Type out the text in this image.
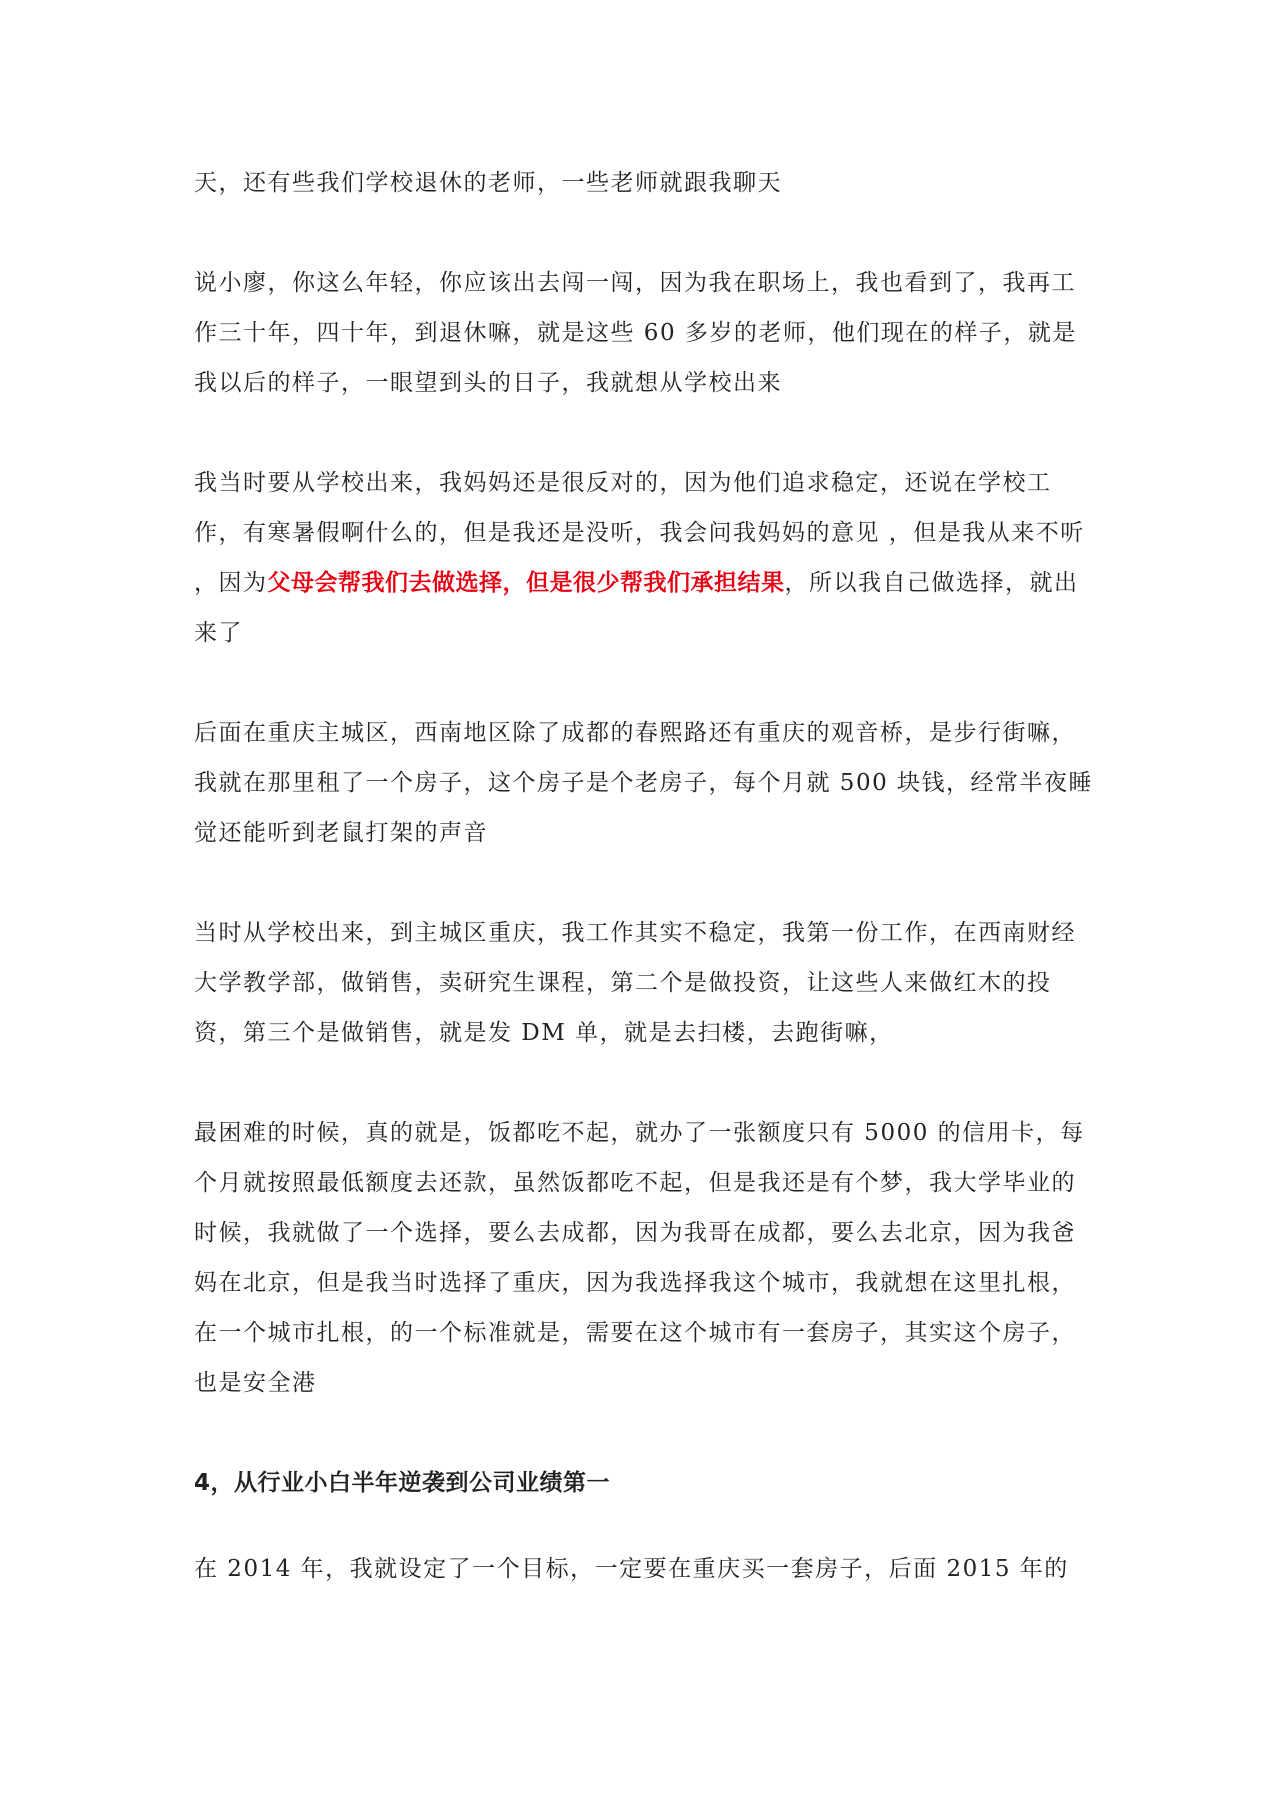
天，还有些我们学校退休的老师，一些老师就跟我聊天

说小廖，你这么年轻，你应该出去闯一闯，因为我在职场上，我也看到了，我再工作三十年，四十年，到退休嘛，就是这些 60 多岁的老师，他们现在的样子，就是我以后的样子，一眼望到头的日子，我就想从学校出来

我当时要从学校出来，我妈妈还是很反对的，因为他们追求稳定，还说在学校工作，有寒暑假啊什么的，但是我还是没听，我会问我妈妈的意见 ，但是我从来不听 ，因为父母会帮我们去做选择，但是很少帮我们承担结果，所以我自己做选择，就出来了

后面在重庆主城区，西南地区除了成都的春熙路还有重庆的观音桥，是步行街嘛，我就在那里租了一个房子，这个房子是个老房子，每个月就 500 块钱，经常半夜睡觉还能听到老鼠打架的声音

当时从学校出来，到主城区重庆，我工作其实不稳定，我第一份工作，在西南财经大学教学部，做销售，卖研究生课程，第二个是做投资，让这些人来做红木的投资，第三个是做销售，就是发 DM 单，就是去扫楼，去跑街嘛，

最困难的时候，真的就是，饭都吃不起，就办了一张额度只有 5000 的信用卡，每个月就按照最低额度去还款，虽然饭都吃不起，但是我还是有个梦，我大学毕业的时候，我就做了一个选择，要么去成都，因为我哥在成都，要么去北京，因为我爸妈在北京，但是我当时选择了重庆，因为我选择我这个城市，我就想在这里扎根，在一个城市扎根，的一个标准就是，需要在这个城市有一套房子，其实这个房子，也是安全港

4，从行业小白半年逆袭到公司业绩第一

在 2014 年，我就设定了一个目标，一定要在重庆买一套房子，后面 2015 年的
